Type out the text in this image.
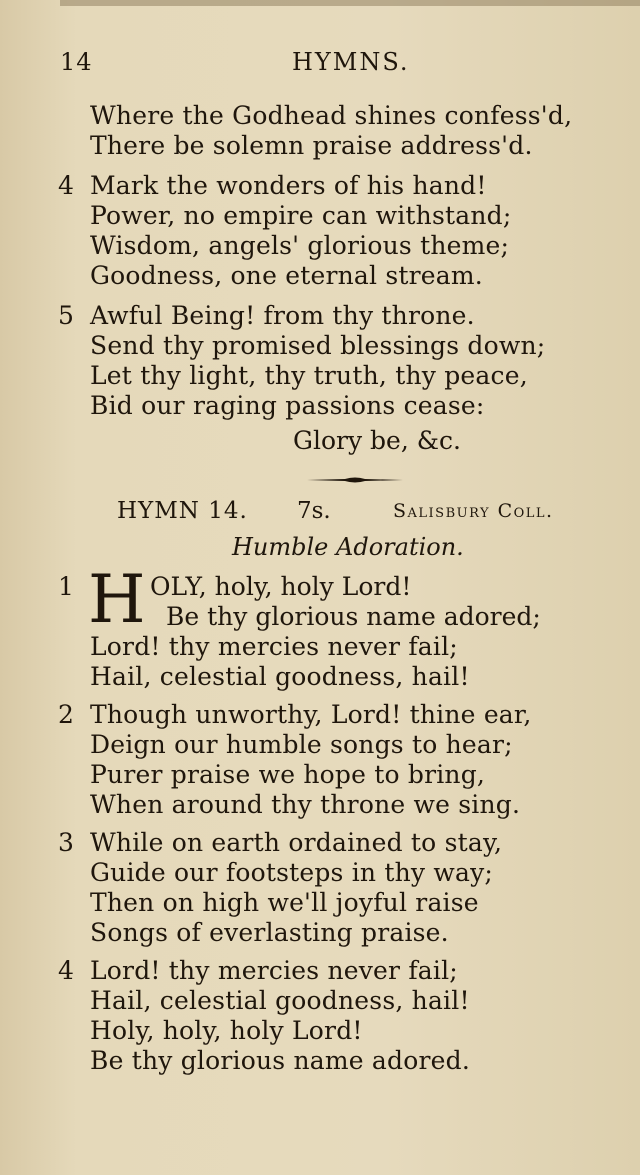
14	HYMNS.
Where the Godhead shines confess'd,
There be solemn praise address'd.
4 Mark the wonders of his hand!
Power, no empire can withstand;
Wisdom, angels' glorious theme;
Goodness, one eternal stream.
5 Awful Being! from thy throne.
Send thy promised blessings down;
Let thy light, thy truth, thy peace,
Bid our raging passions cease:
Glory be, &c.
HYMN 14. 7s.	Salisbury Coll.
Humble Adoration.
1 H OLY, holy, holy Lord!
Be thy glorious name adored;
Lord! thy mercies never fail;
Hail, celestial goodness, hail!
2 Though unworthy, Lord! thine ear,
Deign our humble songs to hear;
Purer praise we hope to bring,
When around thy throne we sing.
3 While on earth ordained to stay,
Guide our footsteps in thy way;
Then on high we'll joyful raise
Songs of everlasting praise.
4 Lord! thy mercies never fail;
Hail, celestial goodness, hail!
Holy, holy, holy Lord!
Be thy glorious name adored.
